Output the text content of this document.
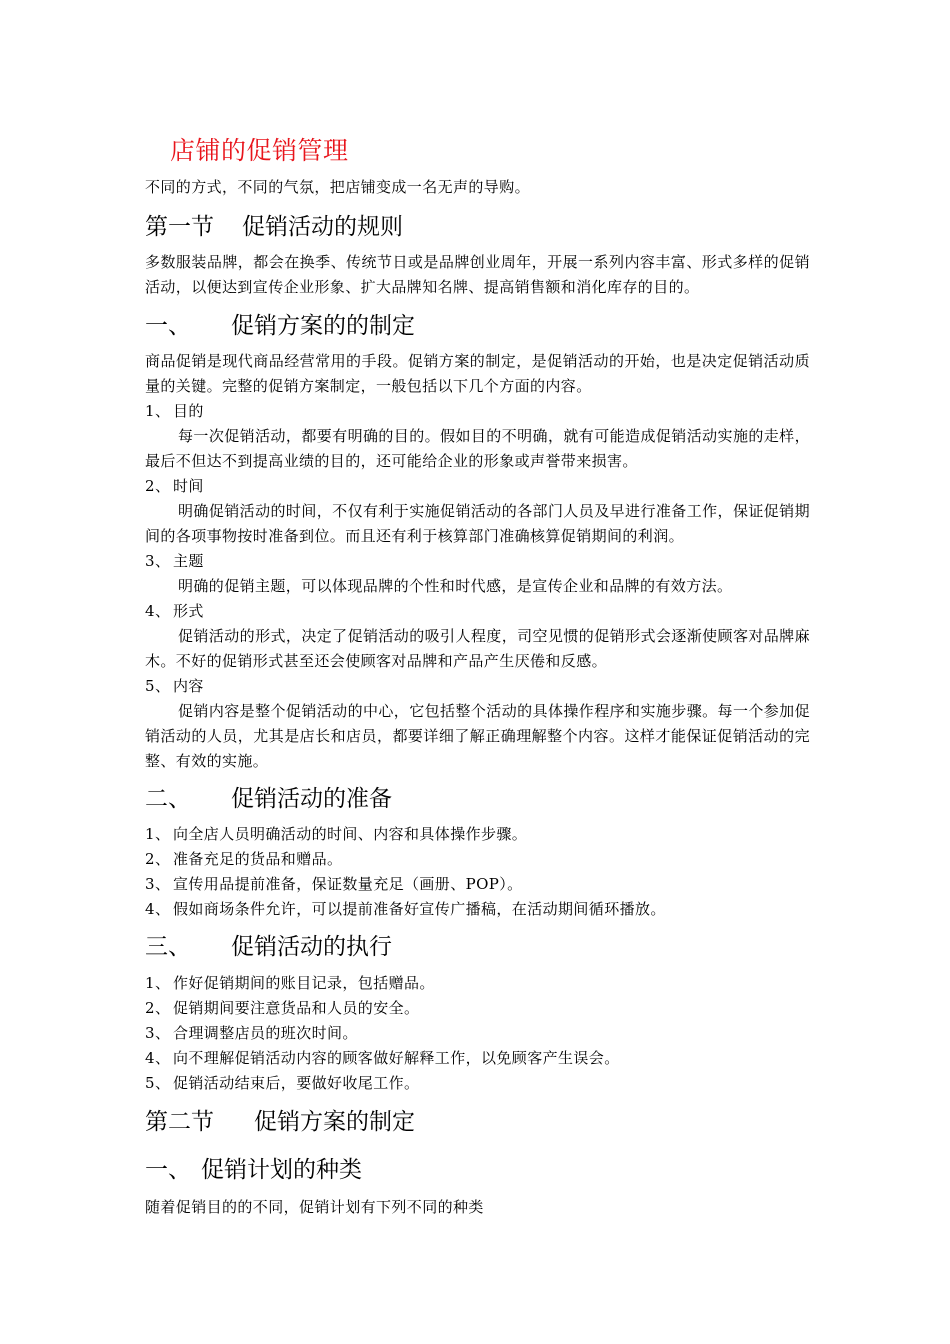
店铺的促销管理
不同的方式，不同的气氛，把店铺变成一名无声的导购。
第一节 促销活动的规则
多数服装品牌，都会在换季、传统节日或是品牌创业周年，开展一系列内容丰富、形式多样的促销活动，以便达到宣传企业形象、扩大品牌知名牌、提高销售额和消化库存的目的。
一、 促销方案的的制定
商品促销是现代商品经营常用的手段。促销方案的制定，是促销活动的开始，也是决定促销活动质量的关键。完整的促销方案制定，一般包括以下几个方面的内容。
1、 目的
每一次促销活动，都要有明确的目的。假如目的不明确，就有可能造成促销活动实施的走样，最后不但达不到提高业绩的目的，还可能给企业的形象或声誉带来损害。
2、 时间
明确促销活动的时间，不仅有利于实施促销活动的各部门人员及早进行准备工作，保证促销期间的各项事物按时准备到位。而且还有利于核算部门准确核算促销期间的利润。
3、 主题
明确的促销主题，可以体现品牌的个性和时代感，是宣传企业和品牌的有效方法。
4、 形式
促销活动的形式，决定了促销活动的吸引人程度，司空见惯的促销形式会逐渐使顾客对品牌麻木。不好的促销形式甚至还会使顾客对品牌和产品产生厌倦和反感。
5、 内容
促销内容是整个促销活动的中心，它包括整个活动的具体操作程序和实施步骤。每一个参加促销活动的人员，尤其是店长和店员，都要详细了解正确理解整个内容。这样才能保证促销活动的完整、有效的实施。
二、 促销活动的准备
1、 向全店人员明确活动的时间、内容和具体操作步骤。
2、 准备充足的货品和赠品。
3、 宣传用品提前准备，保证数量充足（画册、POP）。
4、 假如商场条件允许，可以提前准备好宣传广播稿，在活动期间循环播放。
三、 促销活动的执行
1、 作好促销期间的账目记录，包括赠品。
2、 促销期间要注意货品和人员的安全。
3、 合理调整店员的班次时间。
4、 向不理解促销活动内容的顾客做好解释工作，以免顾客产生误会。
5、 促销活动结束后，要做好收尾工作。
第二节 促销方案的制定
一、 促销计划的种类
随着促销目的的不同，促销计划有下列不同的种类
